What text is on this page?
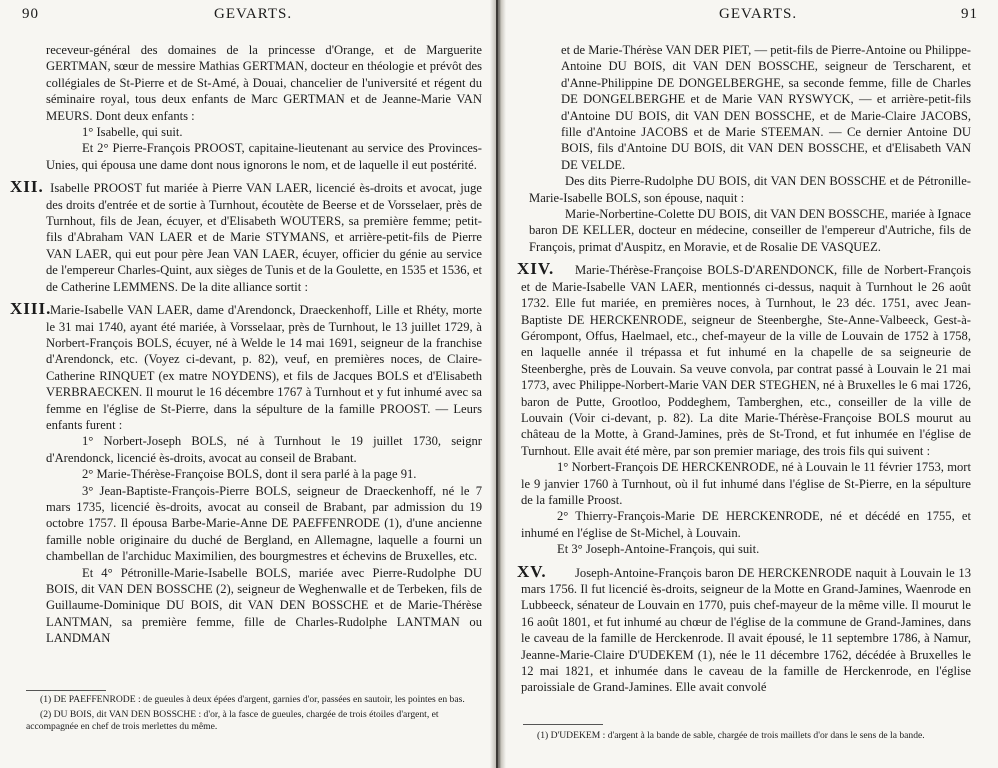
90	GEVARTS.

receveur-général des domaines de la princesse d'Orange, et de Marguerite GERTMAN, sœur de messire Mathias GERTMAN, docteur en théologie et prévôt des collégiales de St-Pierre et de St-Amé, à Douai, chancelier de l'université et régent du séminaire royal, tous deux enfants de Marc GERTMAN et de Jeanne-Marie VAN MEURS. Dont deux enfants :

1° Isabelle, qui suit.

Et 2° Pierre-François PROOST, capitaine-lieutenant au service des Provinces-Unies, qui épousa une dame dont nous ignorons le nom, et de laquelle il eut postérité.

XII. Isabelle PROOST fut mariée à Pierre VAN LAER, licencié ès-droits et avocat, juge des droits d'entrée et de sortie à Turnhout, écoutète de Beerse et de Vorsselaer, près de Turnhout, fils de Jean, écuyer, et d'Elisabeth WOUTERS, sa première femme; petit-fils d'Abraham VAN LAER et de Marie STYMANS, et arrière-petit-fils de Pierre VAN LAER, qui eut pour père Jean VAN LAER, écuyer, officier du génie au service de l'empereur Charles-Quint, aux sièges de Tunis et de la Goulette, en 1535 et 1536, et de Catherine LEMMENS. De la dite alliance sortit :

XIII. Marie-Isabelle VAN LAER, dame d'Arendonck, Draeckenhoff, Lille et Rhéty, morte le 31 mai 1740, ayant été mariée, à Vorsselaar, près de Turnhout, le 13 juillet 1729, à Norbert-François BOLS, écuyer, né à Welde le 14 mai 1691, seigneur de la franchise d'Arendonck, etc. (Voyez ci-devant, p. 82), veuf, en premières noces, de Claire-Catherine RINQUET (ex matre NOYDENS), et fils de Jacques BOLS et d'Elisabeth VERBRAECKEN. Il mourut le 16 décembre 1767 à Turnhout et y fut inhumé avec sa femme en l'église de St-Pierre, dans la sépulture de la famille PROOST. — Leurs enfants furent :

1° Norbert-Joseph BOLS, né à Turnhout le 19 juillet 1730, seignr d'Arendonck, licencié ès-droits, avocat au conseil de Brabant.

2° Marie-Thérèse-Françoise BOLS, dont il sera parlé à la page 91.

3° Jean-Baptiste-François-Pierre BOLS, seigneur de Draeckenhoff, né le 7 mars 1735, licencié ès-droits, avocat au conseil de Brabant, par admission du 19 octobre 1757. Il épousa Barbe-Marie-Anne DE PAEFFENRODE (1), d'une ancienne famille noble originaire du duché de Bergland, en Allemagne, laquelle a fourni un chambellan de l'archiduc Maximilien, des bourgmestres et échevins de Bruxelles, etc.

Et 4° Pétronille-Marie-Isabelle BOLS, mariée avec Pierre-Rudolphe DU BOIS, dit VAN DEN BOSSCHE (2), seigneur de Weghenwalle et de Terbeken, fils de Guillaume-Dominique DU BOIS, dit VAN DEN BOSSCHE et de Marie-Thérèse LANTMAN, sa première femme, fille de Charles-Rudolphe LANTMAN ou LANDMAN

(1) DE PAEFFENRODE : de gueules à deux épées d'argent, garnies d'or, passées en sautoir, les pointes en bas.

(2) DU BOIS, dit VAN DEN BOSSCHE : d'or, à la fasce de gueules, chargée de trois étoiles d'argent, et accompagnée en chef de trois merlettes du même.

GEVARTS.	91

et de Marie-Thérèse VAN DER PIET, — petit-fils de Pierre-Antoine ou Philippe-Antoine DU BOIS, dit VAN DEN BOSSCHE, seigneur de Terscharent, et d'Anne-Philippine DE DONGELBERGHE, sa seconde femme, fille de Charles DE DONGELBERGHE et de Marie VAN RYSWYCK, — et arrière-petit-fils d'Antoine DU BOIS, dit VAN DEN BOSSCHE, et de Marie-Claire JACOBS, fille d'Antoine JACOBS et de Marie STEEMAN. — Ce dernier Antoine DU BOIS, fils d'Antoine DU BOIS, dit VAN DEN BOSSCHE, et d'Elisabeth VAN DE VELDE.

Des dits Pierre-Rudolphe DU BOIS, dit VAN DEN BOSSCHE et de Pétronille-Marie-Isabelle BOLS, son épouse, naquit :

Marie-Norbertine-Colette DU BOIS, dit VAN DEN BOSSCHE, mariée à Ignace baron DE KELLER, docteur en médecine, conseiller de l'empereur d'Autriche, fils de François, primat d'Auspitz, en Moravie, et de Rosalie DE VASQUEZ.

XIV. Marie-Thérèse-Françoise BOLS-D'ARENDONCK, fille de Norbert-François et de Marie-Isabelle VAN LAER, mentionnés ci-dessus, naquit à Turnhout le 26 août 1732. Elle fut mariée, en premières noces, à Turnhout, le 23 déc. 1751, avec Jean-Baptiste DE HERCKENRODE, seigneur de Steenberghe, Ste-Anne-Valbeeck, Gest-à-Gérompont, Offus, Haelmael, etc., chef-mayeur de la ville de Louvain de 1752 à 1758, en laquelle année il trépassa et fut inhumé en la chapelle de sa seigneurie de Steenberghe, près de Louvain. Sa veuve convola, par contrat passé à Louvain le 21 mai 1773, avec Philippe-Norbert-Marie VAN DER STEGHEN, né à Bruxelles le 6 mai 1726, baron de Putte, Grootloo, Poddeghem, Tamberghen, etc., conseiller de la ville de Louvain (Voir ci-devant, p. 82). La dite Marie-Thérèse-Françoise BOLS mourut au château de la Motte, à Grand-Jamines, près de St-Trond, et fut inhumée en l'église de Turnhout. Elle avait été mère, par son premier mariage, des trois fils qui suivent :

1° Norbert-François DE HERCKENRODE, né à Louvain le 11 février 1753, mort le 9 janvier 1760 à Turnhout, où il fut inhumé dans l'église de St-Pierre, en la sépulture de la famille Proost.

2° Thierry-François-Marie DE HERCKENRODE, né et décédé en 1755, et inhumé en l'église de St-Michel, à Louvain.

Et 3° Joseph-Antoine-François, qui suit.

XV. Joseph-Antoine-François baron DE HERCKENRODE naquit à Louvain le 13 mars 1756. Il fut licencié ès-droits, seigneur de la Motte en Grand-Jamines, Waenrode en Lubbeeck, sénateur de Louvain en 1770, puis chef-mayeur de la même ville. Il mourut le 16 août 1801, et fut inhumé au chœur de l'église de la commune de Grand-Jamines, dans le caveau de la famille de Herckenrode. Il avait épousé, le 11 septembre 1786, à Namur, Jeanne-Marie-Claire D'UDEKEM (1), née le 11 décembre 1762, décédée à Bruxelles le 12 mai 1821, et inhumée dans le caveau de la famille de Herckenrode, en l'église paroissiale de Grand-Jamines. Elle avait convolé

(1) D'UDEKEM : d'argent à la bande de sable, chargée de trois maillets d'or dans le sens de la bande.
